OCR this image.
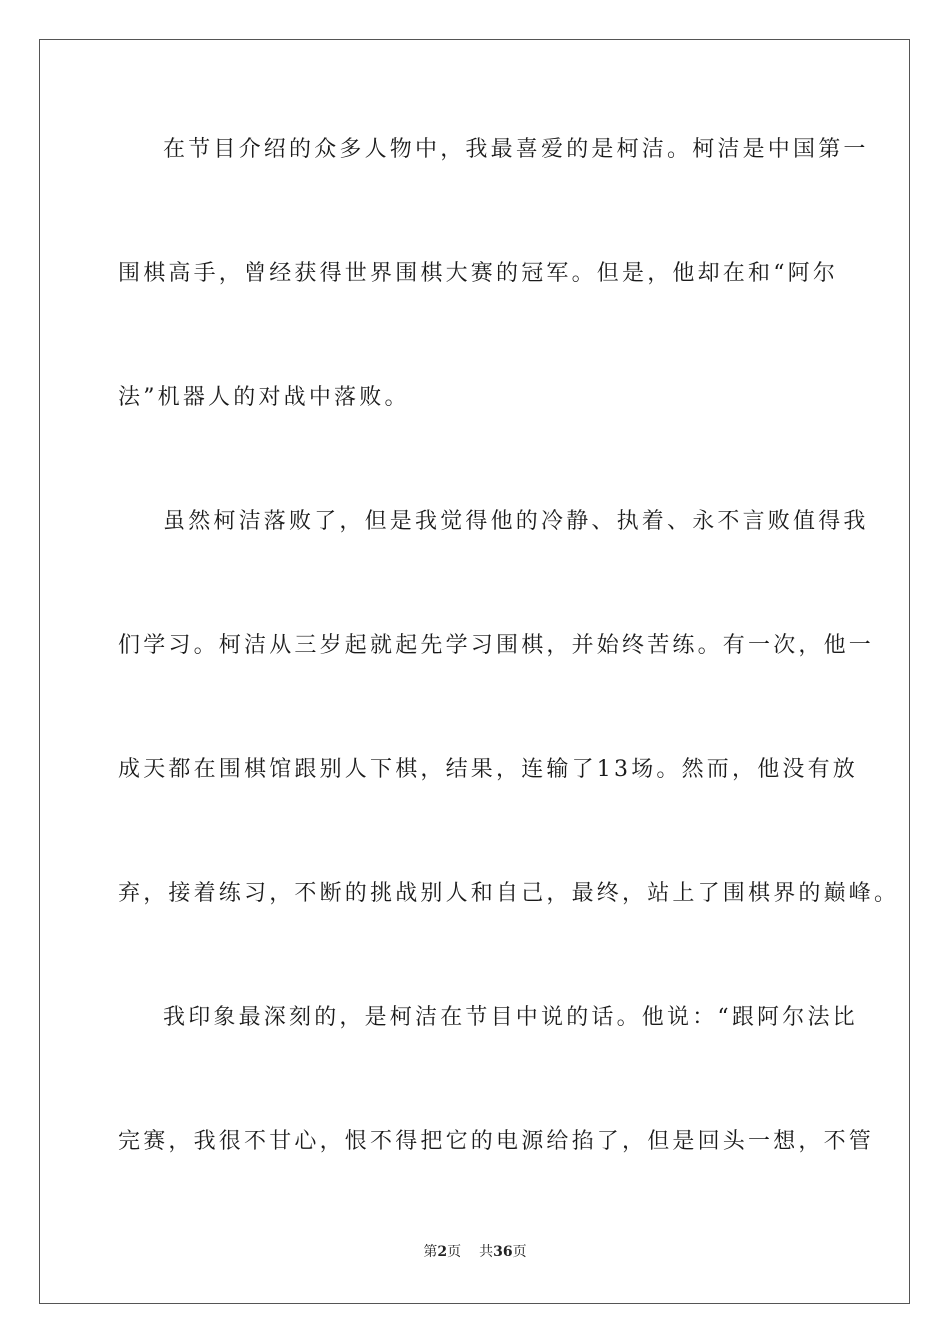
在节目介绍的众多人物中，我最喜爱的是柯洁。柯洁是中国第一
围棋高手，曾经获得世界围棋大赛的冠军。但是，他却在和“阿尔
法”机器人的对战中落败。
虽然柯洁落败了，但是我觉得他的冷静、执着、永不言败值得我
们学习。柯洁从三岁起就起先学习围棋，并始终苦练。有一次，他一
成天都在围棋馆跟别人下棋，结果，连输了13场。然而，他没有放
弃，接着练习，不断的挑战别人和自己，最终，站上了围棋界的巅峰。
我印象最深刻的，是柯洁在节目中说的话。他说：“跟阿尔法比
完赛，我很不甘心，恨不得把它的电源给掐了，但是回头一想，不管
第2页 共36页
